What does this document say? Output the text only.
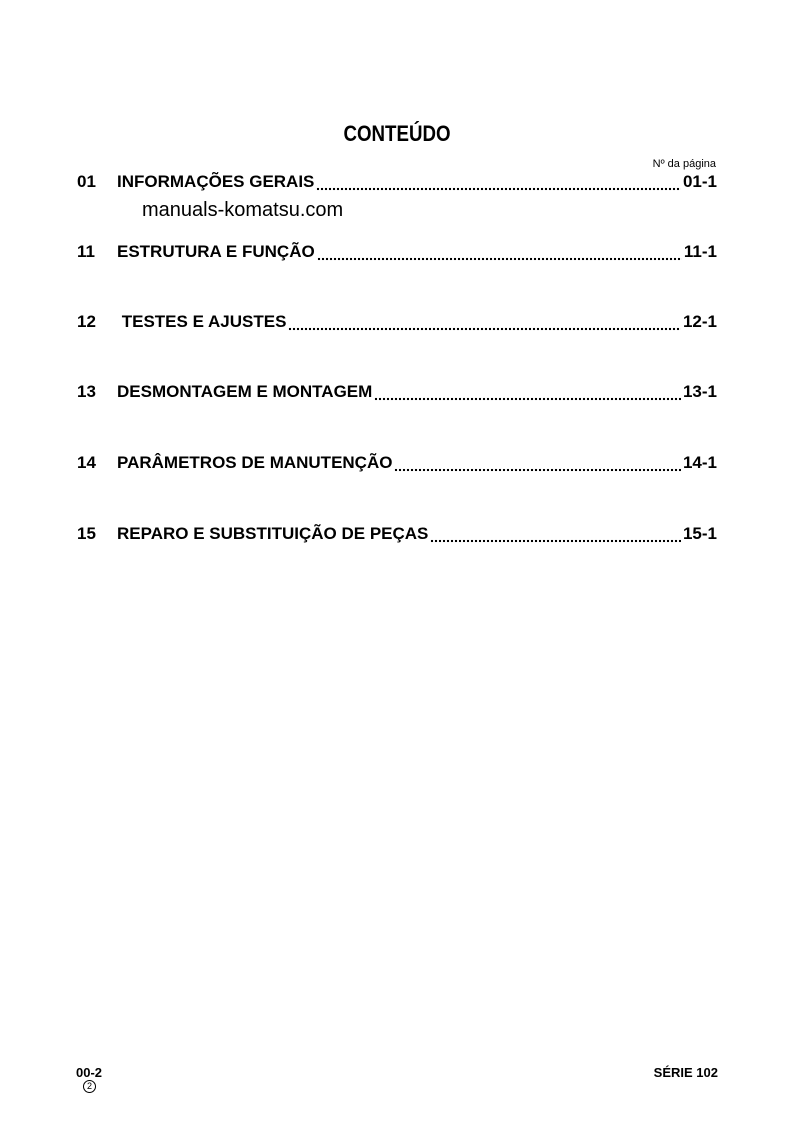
CONTEÚDO
Nº da página
01	INFORMAÇÕES GERAIS	01-1
manuals-komatsu.com
11	ESTRUTURA E FUNÇÃO	11-1
12	TESTES E AJUSTES	12-1
13	DESMONTAGEM E MONTAGEM	13-1
14	PARÂMETROS DE MANUTENÇÃO	14-1
15	REPARO E SUBSTITUIÇÃO DE PEÇAS	15-1
00-2
2
SÉRIE 102
